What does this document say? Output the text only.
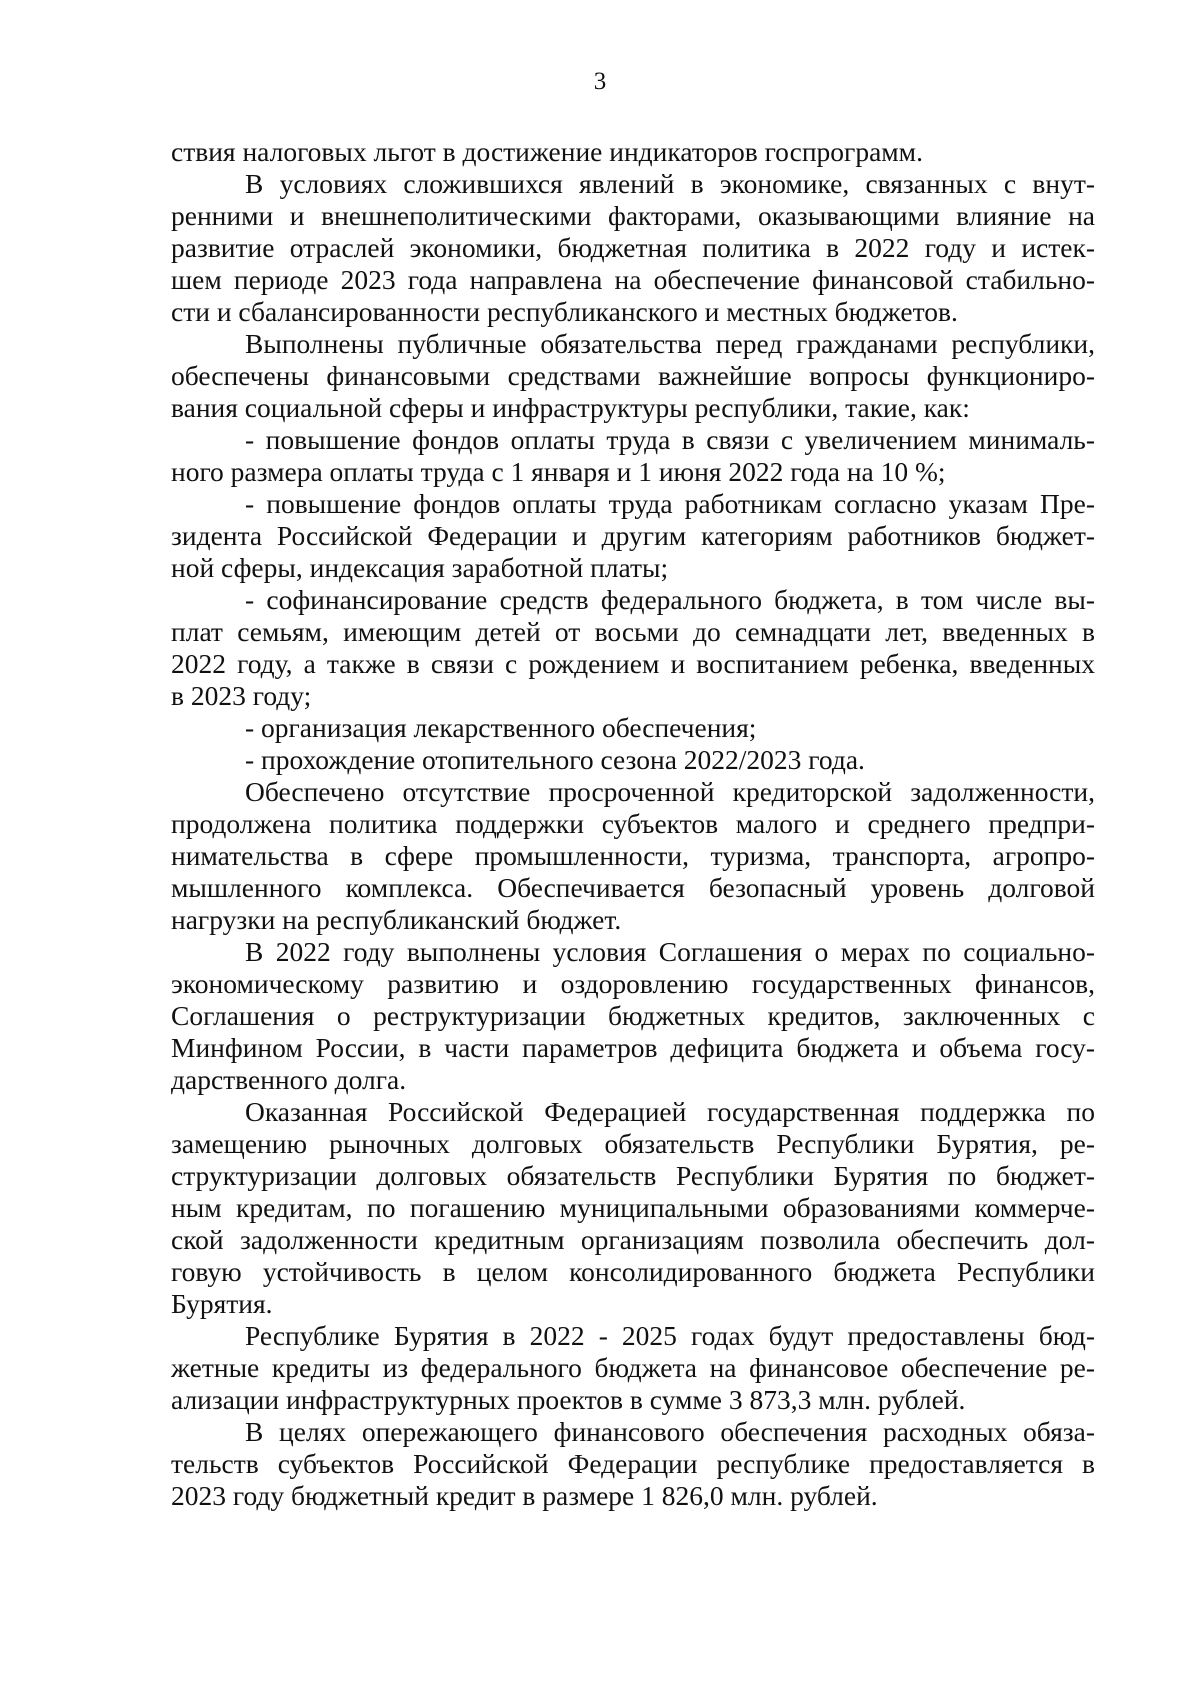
3
ствия налоговых льгот в достижение индикаторов госпрограмм.
В условиях сложившихся явлений в экономике, связанных с внут-
ренними и внешнеполитическими факторами, оказывающими влияние на
развитие отраслей экономики, бюджетная политика в 2022 году и истек-
шем периоде 2023 года направлена на обеспечение финансовой стабильно-
сти и сбалансированности республиканского и местных бюджетов.
Выполнены публичные обязательства перед гражданами республики,
обеспечены финансовыми средствами важнейшие вопросы функциониро-
вания социальной сферы и инфраструктуры республики, такие, как:
- повышение фондов оплаты труда в связи с увеличением минималь-
ного размера оплаты труда с 1 января и 1 июня 2022 года на 10 %;
- повышение фондов оплаты труда работникам согласно указам Пре-
зидента Российской Федерации и другим категориям работников бюджет-
ной сферы, индексация заработной платы;
- софинансирование средств федерального бюджета, в том числе вы-
плат семьям, имеющим детей от восьми до семнадцати лет, введенных в
2022 году, а также в связи с рождением и воспитанием ребенка, введенных
в 2023 году;
- организация лекарственного обеспечения;
- прохождение отопительного сезона 2022/2023 года.
Обеспечено отсутствие просроченной кредиторской задолженности,
продолжена политика поддержки субъектов малого и среднего предпри-
нимательства в сфере промышленности, туризма, транспорта, агропро-
мышленного комплекса. Обеспечивается безопасный уровень долговой
нагрузки на республиканский бюджет.
В 2022 году выполнены условия Соглашения о мерах по социально-
экономическому развитию и оздоровлению государственных финансов,
Соглашения о реструктуризации бюджетных кредитов, заключенных с
Минфином России, в части параметров дефицита бюджета и объема госу-
дарственного долга.
Оказанная Российской Федерацией государственная поддержка по
замещению рыночных долговых обязательств Республики Бурятия, ре-
структуризации долговых обязательств Республики Бурятия по бюджет-
ным кредитам, по погашению муниципальными образованиями коммерче-
ской задолженности кредитным организациям позволила обеспечить дол-
говую устойчивость в целом консолидированного бюджета Республики
Бурятия.
Республике Бурятия в 2022 - 2025 годах будут предоставлены бюд-
жетные кредиты из федерального бюджета на финансовое обеспечение ре-
ализации инфраструктурных проектов в сумме 3 873,3 млн. рублей.
В целях опережающего финансового обеспечения расходных обяза-
тельств субъектов Российской Федерации республике предоставляется в
2023 году бюджетный кредит в размере 1 826,0 млн. рублей.
